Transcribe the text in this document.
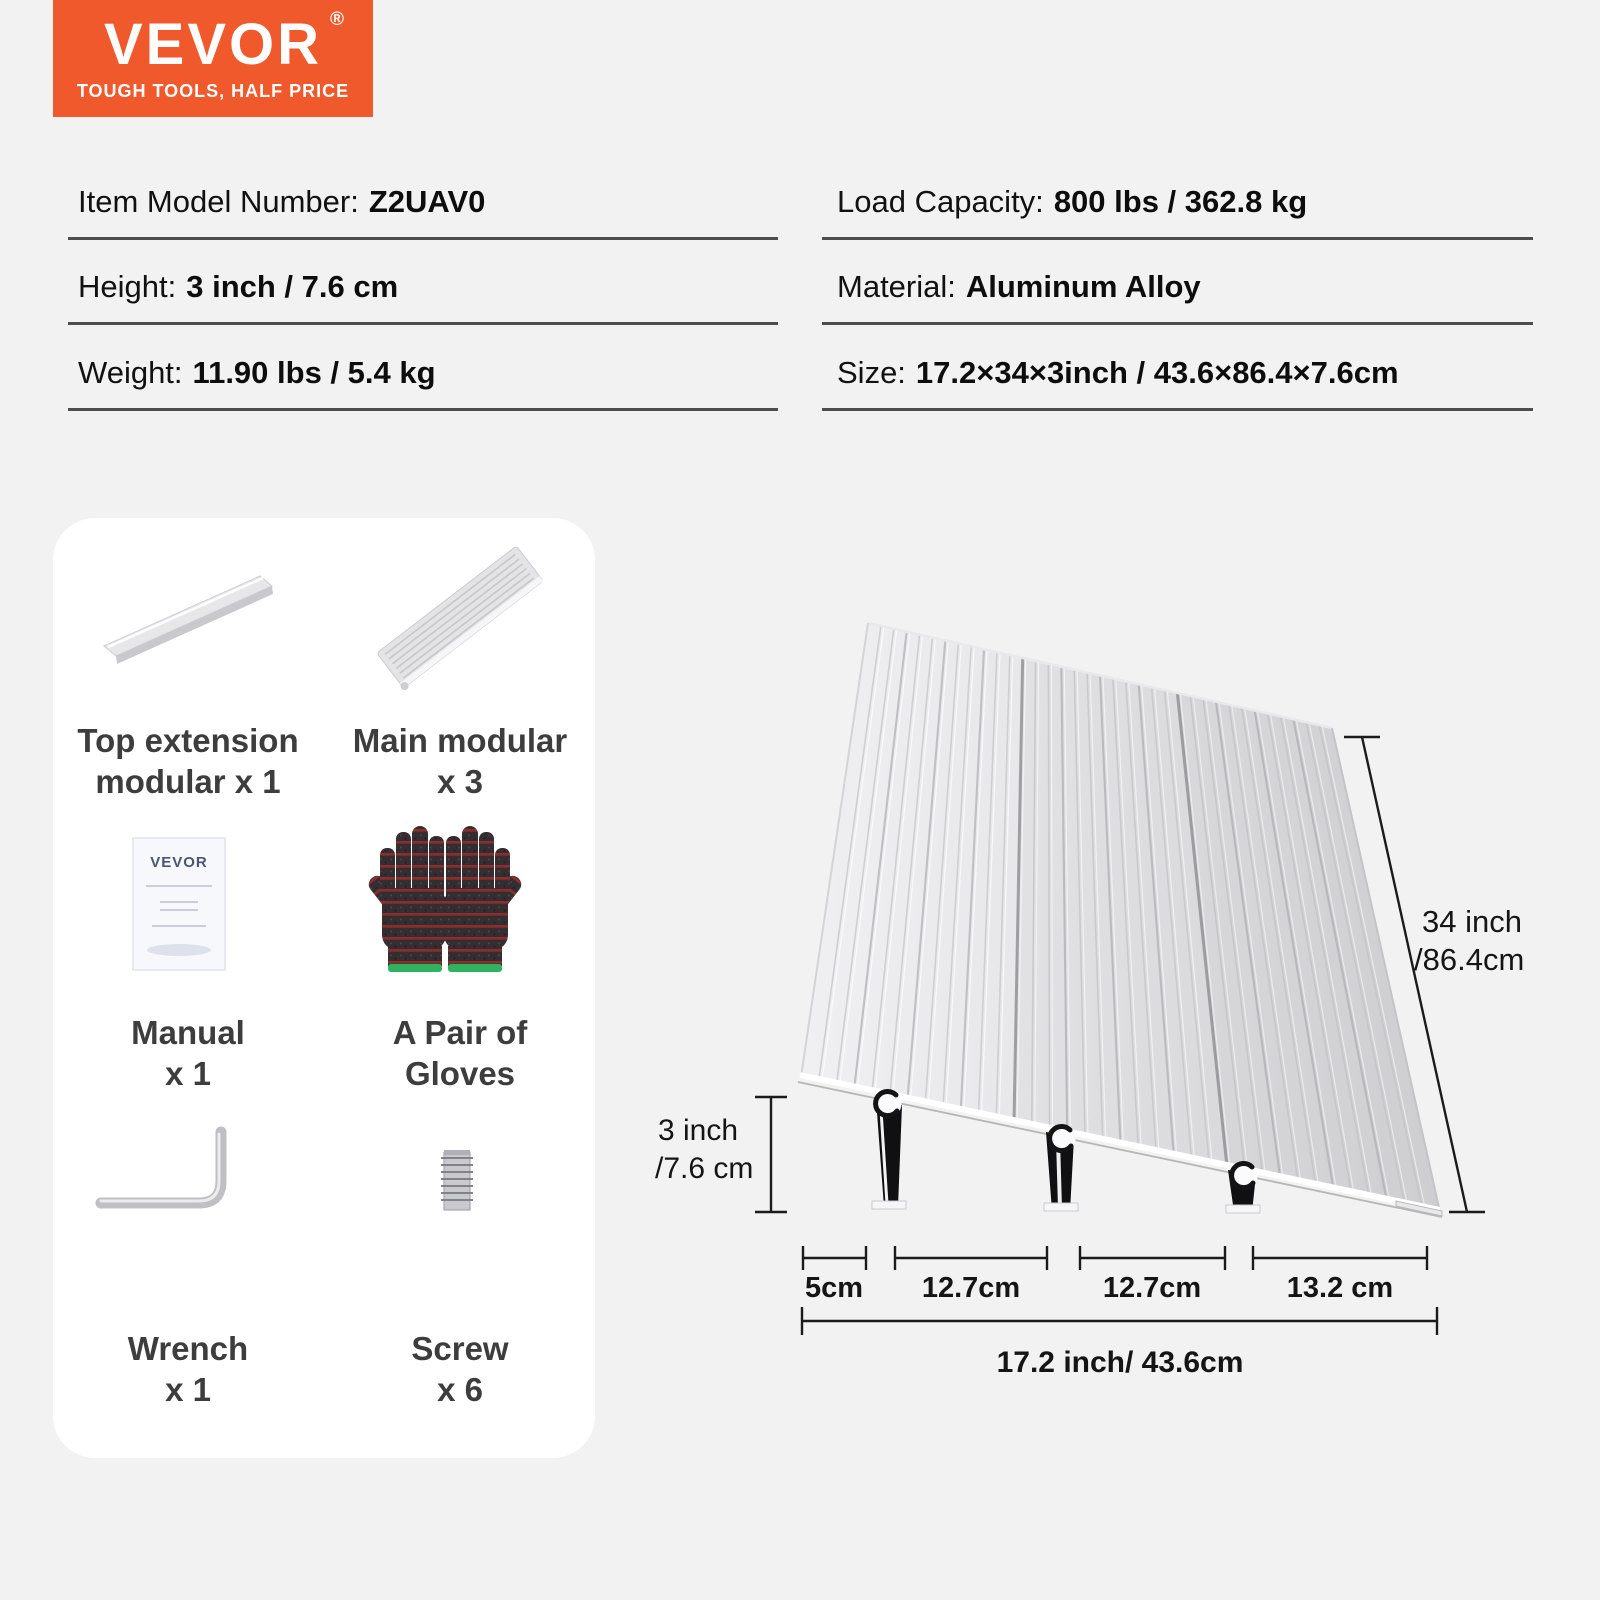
VEVOR ®
TOUGH TOOLS, HALF PRICE
Item Model Number: Z2UAV0
Height: 3 inch / 7.6 cm
Weight: 11.90 lbs / 5.4 kg
Load Capacity: 800 lbs / 362.8 kg
Material: Aluminum Alloy
Size: 17.2×34×3inch / 43.6×86.4×7.6cm
Top extension
modular x 1
Main modular
x 3
Manual
x 1
A Pair of
Gloves
Wrench
x 1
Screw
x 6
VEVOR
3 inch
/7.6 cm
34 inch
/86.4cm
5cm	12.7cm	12.7cm	13.2 cm
17.2 inch/ 43.6cm
